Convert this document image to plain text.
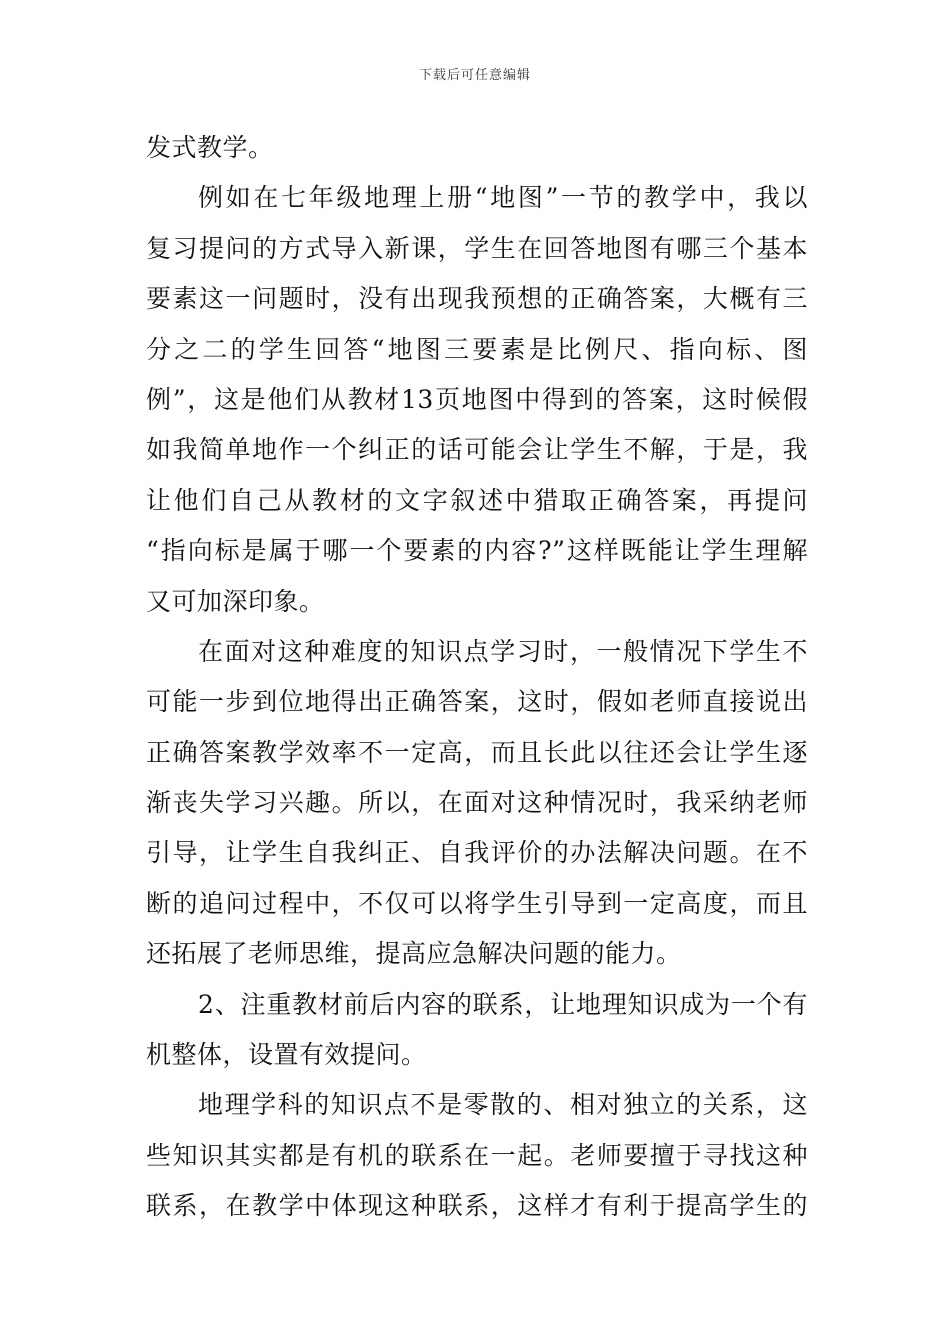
下载后可任意编辑
发式教学。
例如在七年级地理上册“地图”一节的教学中，我以
复习提问的方式导入新课，学生在回答地图有哪三个基本
要素这一问题时，没有出现我预想的正确答案，大概有三
分之二的学生回答“地图三要素是比例尺、指向标、图
例”，这是他们从教材13页地图中得到的答案，这时候假
如我简单地作一个纠正的话可能会让学生不解，于是，我
让他们自己从教材的文字叙述中猎取正确答案，再提问
“指向标是属于哪一个要素的内容?”这样既能让学生理解
又可加深印象。
在面对这种难度的知识点学习时，一般情况下学生不
可能一步到位地得出正确答案，这时，假如老师直接说出
正确答案教学效率不一定高，而且长此以往还会让学生逐
渐丧失学习兴趣。所以，在面对这种情况时，我采纳老师
引导，让学生自我纠正、自我评价的办法解决问题。在不
断的追问过程中，不仅可以将学生引导到一定高度，而且
还拓展了老师思维，提高应急解决问题的能力。
2、注重教材前后内容的联系，让地理知识成为一个有
机整体，设置有效提问。
地理学科的知识点不是零散的、相对独立的关系，这
些知识其实都是有机的联系在一起。老师要擅于寻找这种
联系，在教学中体现这种联系，这样才有利于提高学生的
